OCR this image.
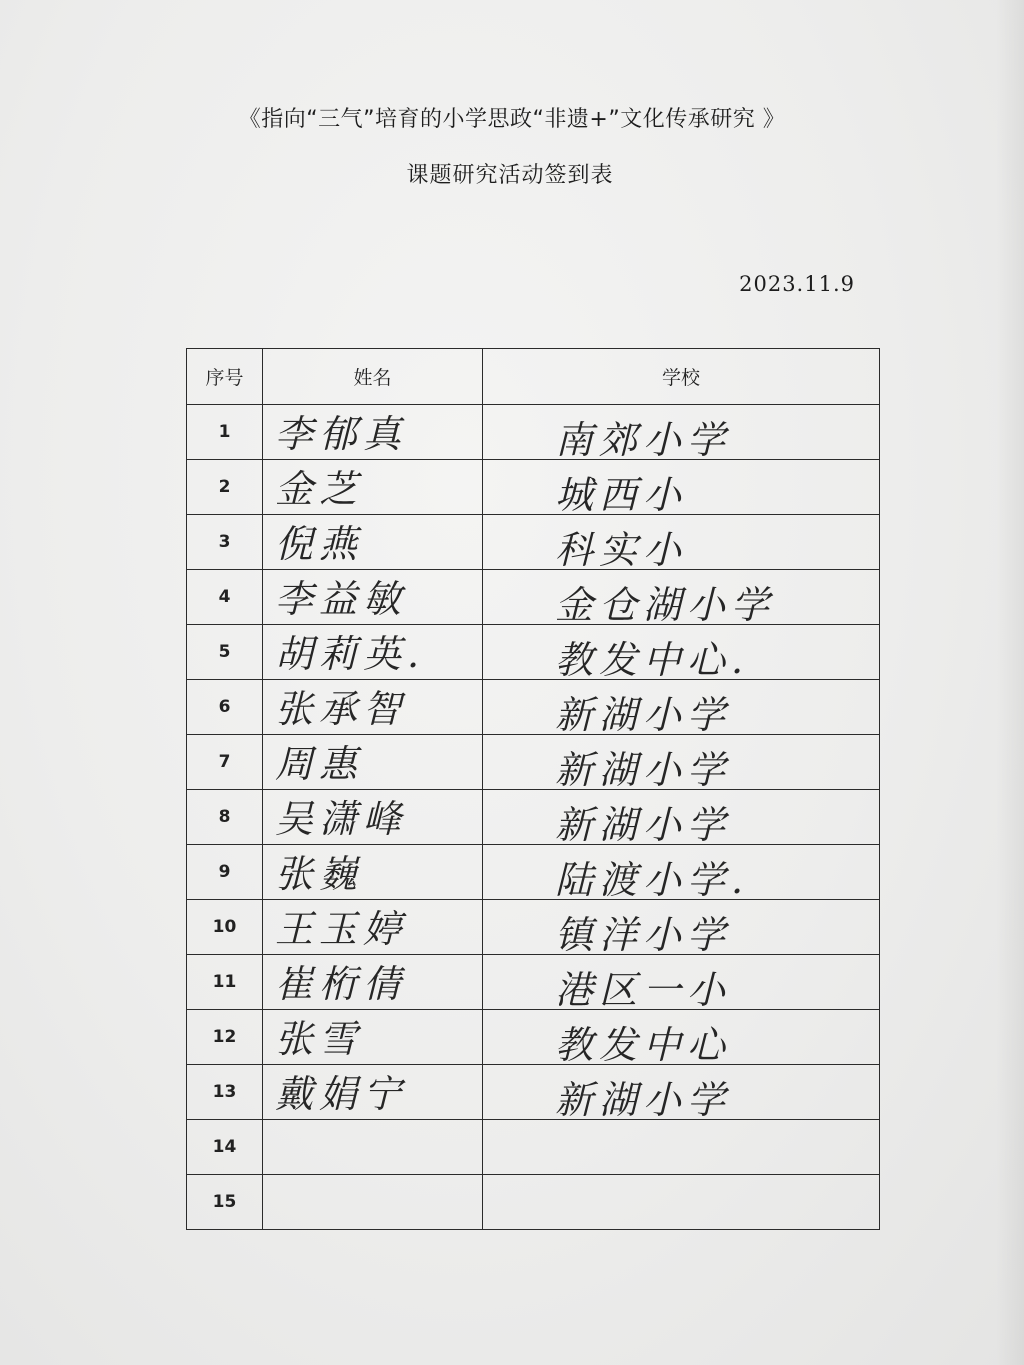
《指向“三气”培育的小学思政“非遗+”文化传承研究 》
课题研究活动签到表
2023.11.9
序号	姓名	学校
1	李郁真	南郊小学

2	金芝	城西小

3	倪燕	科实小

4	李益敏	金仓湖小学

5	胡莉英.	教发中心.

6	张承智	新湖小学

7	周惠	新湖小学

8	吴潇峰	新湖小学

9	张巍	陆渡小学.

10	王玉婷	镇洋小学

11	崔桁倩	港区一小

12	张雪	教发中心

13	戴娟宁	新湖小学

14	

15	
